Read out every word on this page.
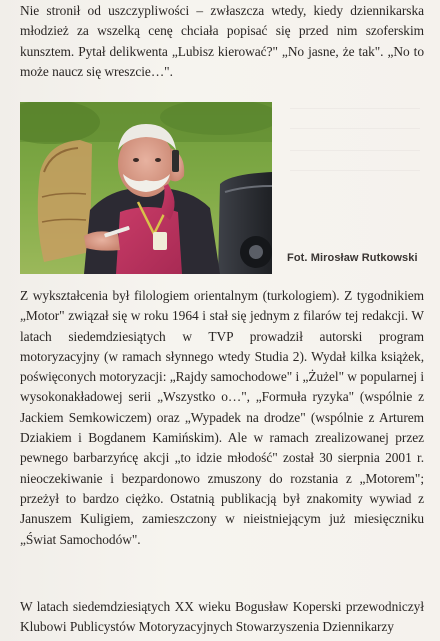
Nie stronił od uszczypliwości – zwłaszcza wtedy, kiedy dziennikarska młodzież za wszelką cenę chciała popisać się przed nim szoferskim kunsztem. Pytał delikwenta „Lubisz kierować?" „No jasne, że tak". „No to może naucz się wreszcie…".

Fot. Mirosław Rutkowski

Z wykształcenia był filologiem orientalnym (turkologiem). Z tygodnikiem „Motor" związał się w roku 1964 i stał się jednym z filarów tej redakcji. W latach siedemdziesiątych w TVP prowadził autorski program motoryzacyjny (w ramach słynnego wtedy Studia 2). Wydał kilka książek, poświęconych motoryzacji: „Rajdy samochodowe" i „Żużel" w popularnej i wysokonakładowej serii „Wszystko o…", „Formuła ryzyka" (wspólnie z Jackiem Semkowiczem) oraz „Wypadek na drodze" (wspólnie z Arturem Dziakiem i Bogdanem Kamińskim). Ale w ramach zrealizowanej przez pewnego barbarzyńcę akcji „to idzie młodość" został 30 sierpnia 2001 r. nieoczekiwanie i bezpardonowo zmuszony do rozstania z „Motorem"; przeżył to bardzo ciężko. Ostatnią publikacją był znakomity wywiad z Januszem Kuligiem, zamieszczony w nieistniejącym już miesięczniku „Świat Samochodów".

W latach siedemdziesiątych XX wieku Bogusław Koperski przewodniczył Klubowi Publicystów Motoryzacyjnych Stowarzyszenia Dziennikarzy
